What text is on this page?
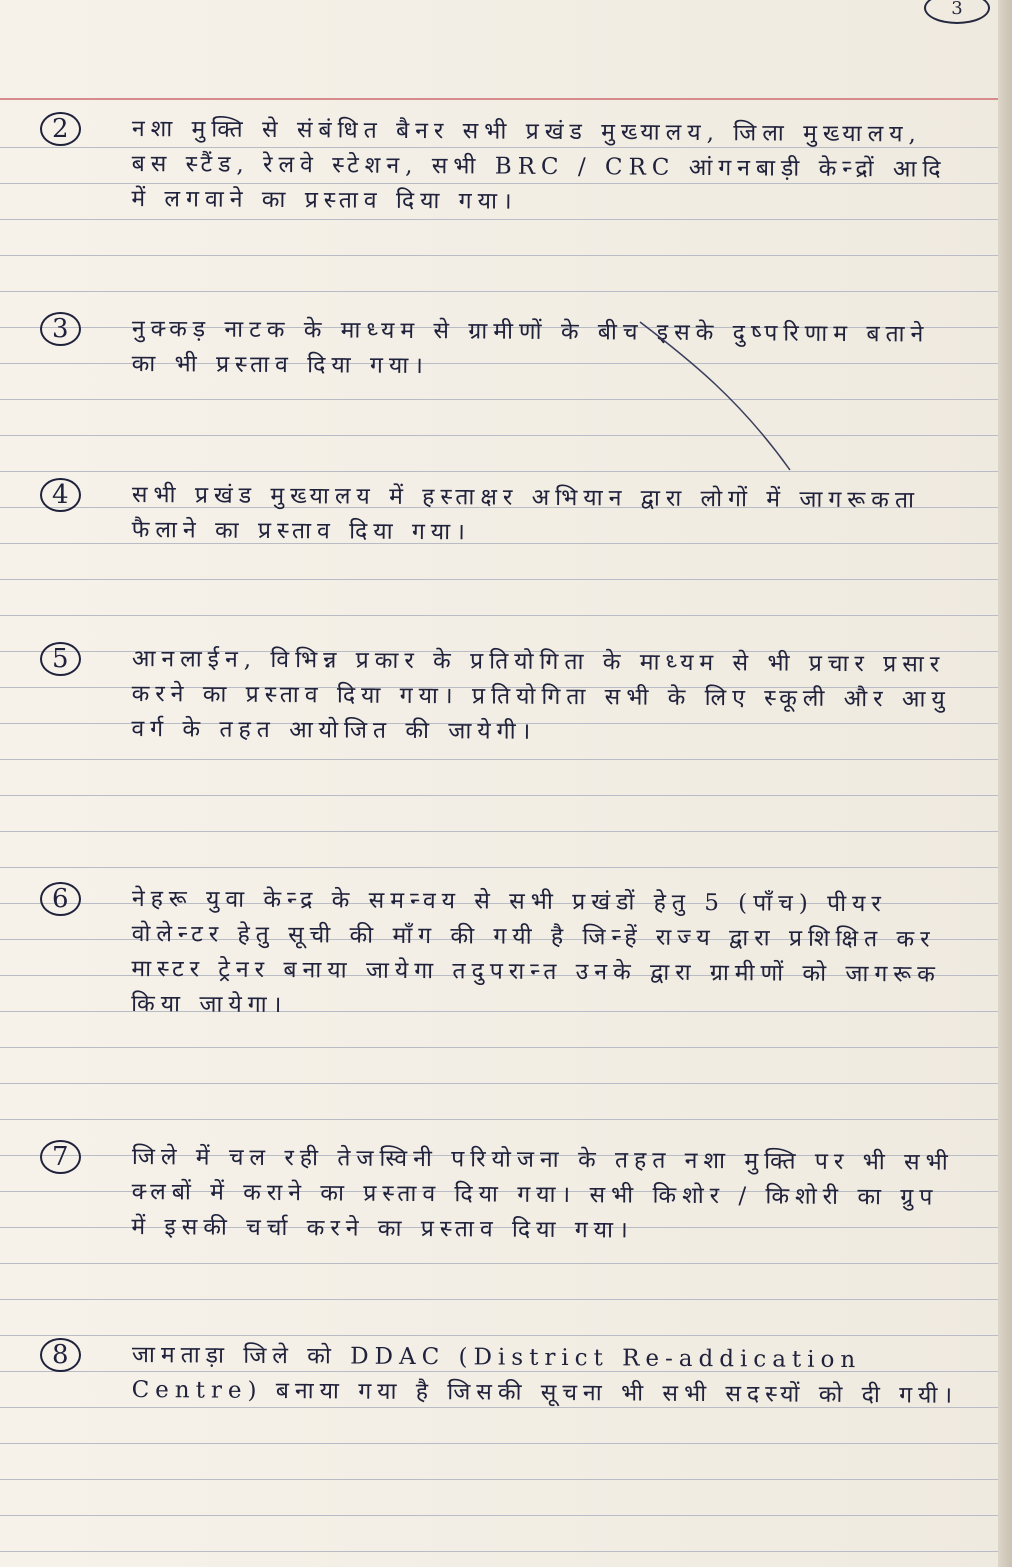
3
2	नशा मुक्ति से संबंधित बैनर सभी प्रखंड मुख्यालय, जिला मुख्यालय, बस स्टैंड, रेलवे स्टेशन, सभी BRC / CRC आंगनबाड़ी केन्द्रों आदि में लगवाने का प्रस्ताव दिया गया।
3	नुक्कड़ नाटक के माध्यम से ग्रामीणों के बीच इसके दुष्परिणाम बताने का भी प्रस्ताव दिया गया।
4	सभी प्रखंड मुख्यालय में हस्ताक्षर अभियान द्वारा लोगों में जागरूकता फैलाने का प्रस्ताव दिया गया।
5	आनलाईन, विभिन्न प्रकार के प्रतियोगिता के माध्यम से भी प्रचार प्रसार करने का प्रस्ताव दिया गया। प्रतियोगिता सभी के लिए स्कूली और आयु वर्ग के तहत आयोजित की जायेगी।
6	नेहरू युवा केन्द्र के समन्वय से सभी प्रखंडों हेतु 5 (पाँच) पीयर वोलेन्टर हेतु सूची की माँग की गयी है जिन्हें राज्य द्वारा प्रशिक्षित कर मास्टर ट्रेनर बनाया जायेगा तदुपरान्त उनके द्वारा ग्रामीणों को जागरूक किया जायेगा।
7	जिले में चल रही तेजस्विनी परियोजना के तहत नशा मुक्ति पर भी सभी क्लबों में कराने का प्रस्ताव दिया गया। सभी किशोर / किशोरी का ग्रुप में इसकी चर्चा करने का प्रस्ताव दिया गया।
8	जामताड़ा जिले को DDAC (District Re-addication Centre) बनाया गया है जिसकी सूचना भी सभी सदस्यों को दी गयी।
